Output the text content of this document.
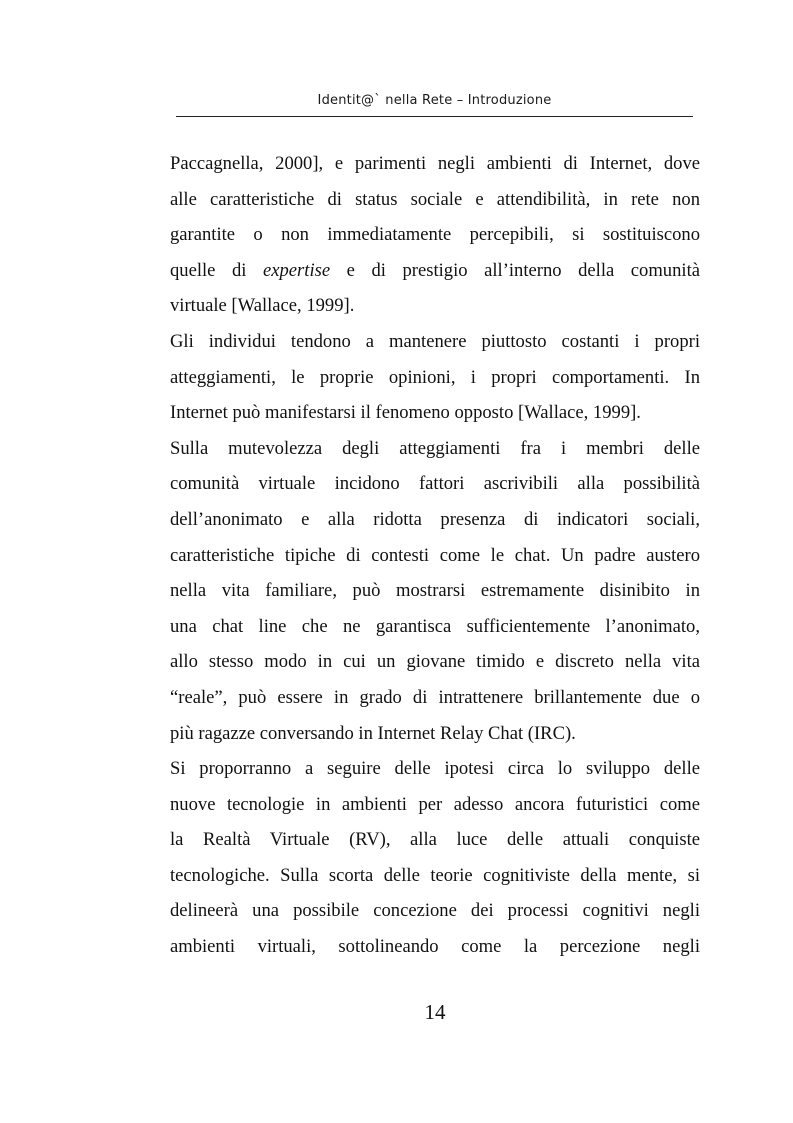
Identit@` nella Rete – Introduzione
Paccagnella, 2000], e parimenti negli ambienti di Internet, dove
alle caratteristiche di status sociale e attendibilità, in rete non
garantite o non immediatamente percepibili, si sostituiscono
quelle di expertise e di prestigio all’interno della comunità
virtuale [Wallace, 1999].
Gli individui tendono a mantenere piuttosto costanti i propri
atteggiamenti, le proprie opinioni, i propri comportamenti. In
Internet può manifestarsi il fenomeno opposto [Wallace, 1999].
Sulla mutevolezza degli atteggiamenti fra i membri delle
comunità virtuale incidono fattori ascrivibili alla possibilità
dell’anonimato e alla ridotta presenza di indicatori sociali,
caratteristiche tipiche di contesti come le chat. Un padre austero
nella vita familiare, può mostrarsi estremamente disinibito in
una chat line che ne garantisca sufficientemente l’anonimato,
allo stesso modo in cui un giovane timido e discreto nella vita
“reale”, può essere in grado di intrattenere brillantemente due o
più ragazze conversando in Internet Relay Chat (IRC).
Si proporranno a seguire delle ipotesi circa lo sviluppo delle
nuove tecnologie in ambienti per adesso ancora futuristici come
la Realtà Virtuale (RV), alla luce delle attuali conquiste
tecnologiche. Sulla scorta delle teorie cognitiviste della mente, si
delineerà una possibile concezione dei processi cognitivi negli
ambienti virtuali, sottolineando come la percezione negli
14
